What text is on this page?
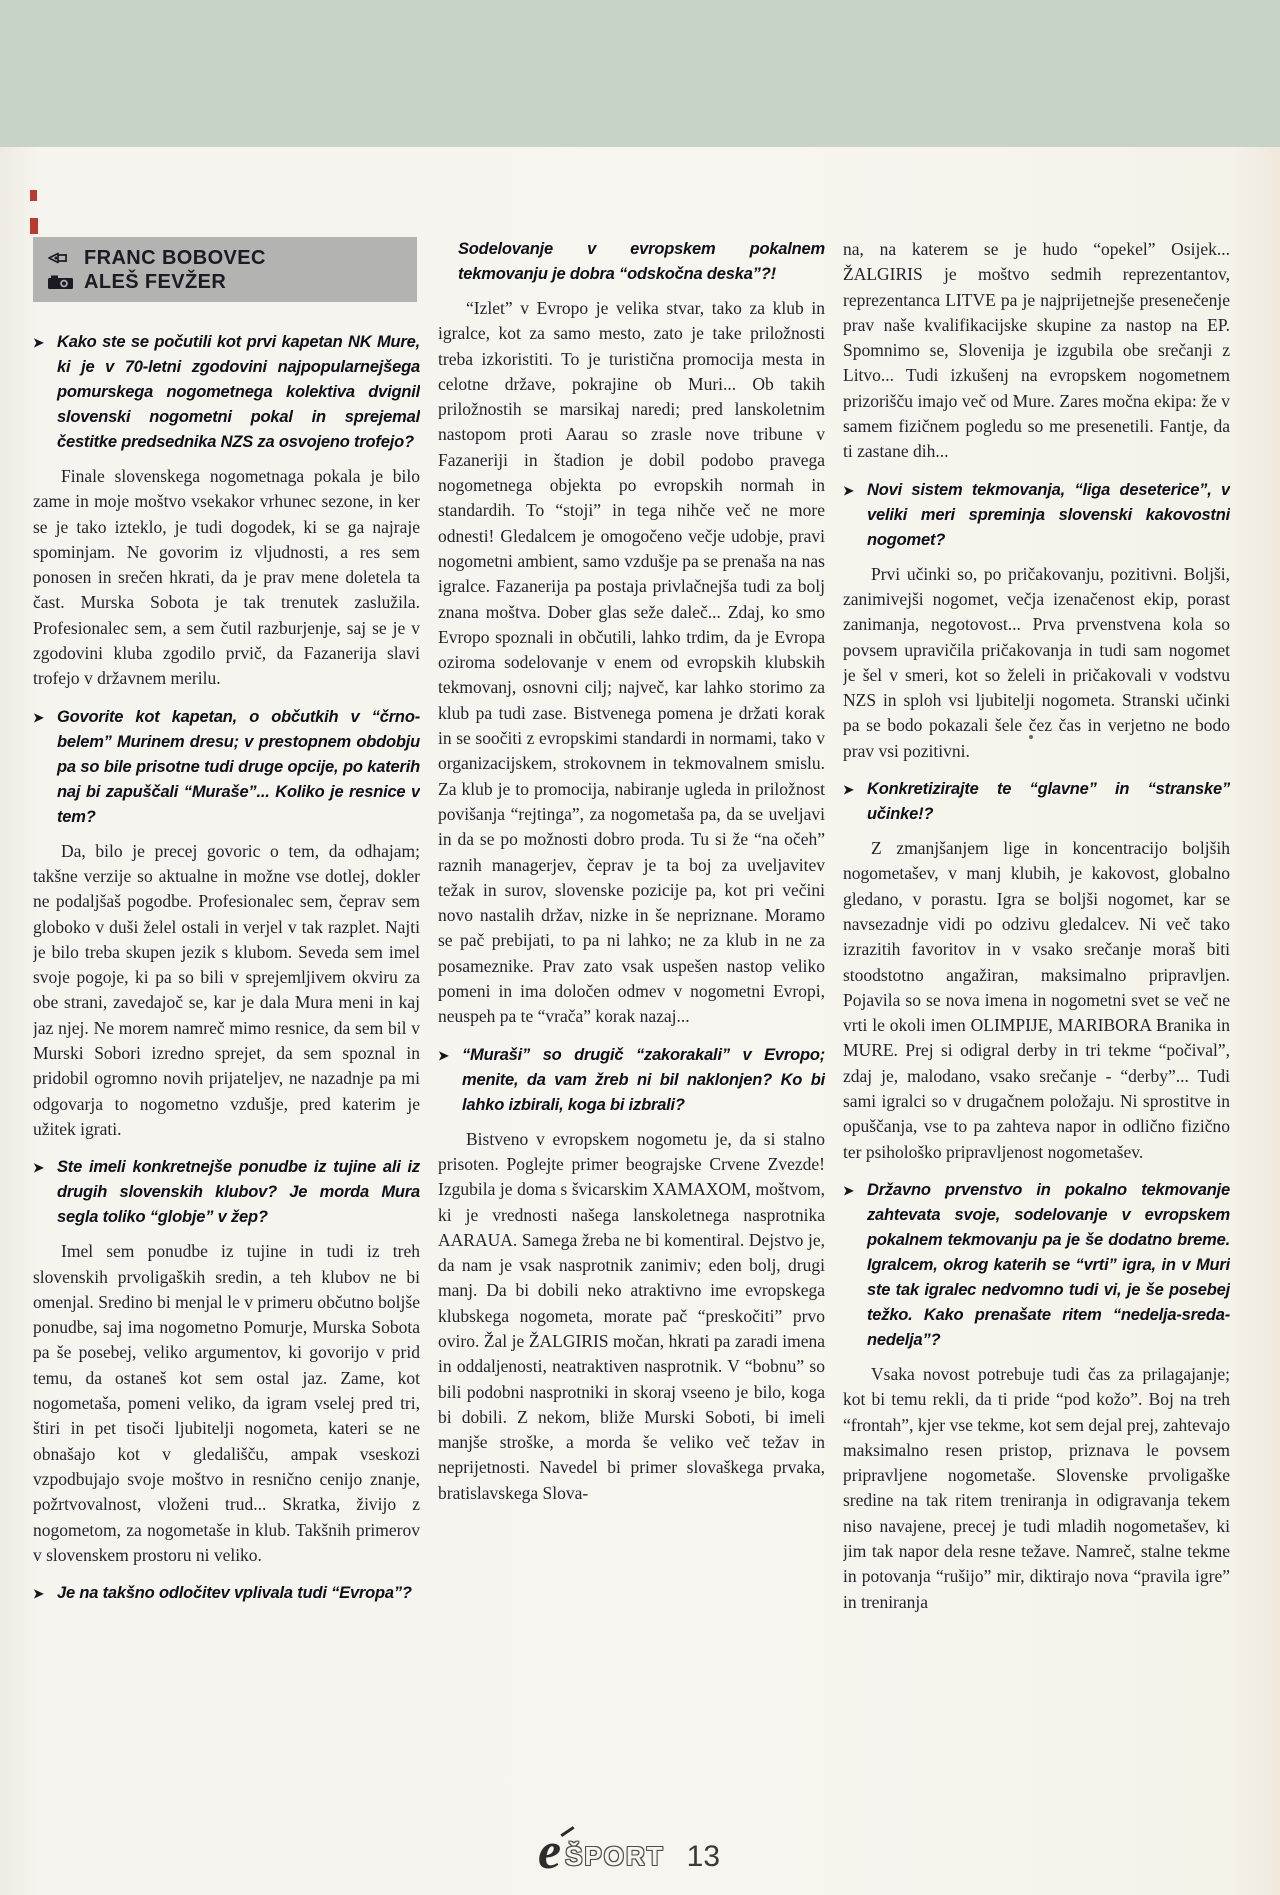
FRANC BOBOVEC
ALEŠ FEVŽER
➤ Kako ste se počutili kot prvi kapetan NK Mure, ki je v 70-letni zgodovini najpopularnejšega pomurskega nogometnega kolektiva dvignil slovenski nogometni pokal in sprejemal čestitke predsednika NZS za osvojeno trofejo?
Finale slovenskega nogometnaga pokala je bilo zame in moje moštvo vsekakor vrhunec sezone, in ker se je tako izteklo, je tudi dogodek, ki se ga najraje spominjam. Ne govorim iz vljudnosti, a res sem ponosen in srečen hkrati, da je prav mene doletela ta čast. Murska Sobota je tak trenutek zaslužila. Profesionalec sem, a sem čutil razburjenje, saj se je v zgodovini kluba zgodilo prvič, da Fazanerija slavi trofejo v državnem merilu.
➤ Govorite kot kapetan, o občutkih v “črno-belem” Murinem dresu; v prestopnem obdobju pa so bile prisotne tudi druge opcije, po katerih naj bi zapuščali “Muraše”... Koliko je resnice v tem?
Da, bilo je precej govoric o tem, da odhajam; takšne verzije so aktualne in možne vse dotlej, dokler ne podaljšaš pogodbe. Profesionalec sem, čeprav sem globoko v duši želel ostali in verjel v tak razplet. Najti je bilo treba skupen jezik s klubom. Seveda sem imel svoje pogoje, ki pa so bili v sprejemljivem okviru za obe strani, zavedajoč se, kar je dala Mura meni in kaj jaz njej. Ne morem namreč mimo resnice, da sem bil v Murski Sobori izredno sprejet, da sem spoznal in pridobil ogromno novih prijateljev, ne nazadnje pa mi odgovarja to nogometno vzdušje, pred katerim je užitek igrati.
➤ Ste imeli konkretnejše ponudbe iz tujine ali iz drugih slovenskih klubov? Je morda Mura segla toliko “globje” v žep?
Imel sem ponudbe iz tujine in tudi iz treh slovenskih prvoligaških sredin, a teh klubov ne bi omenjal. Sredino bi menjal le v primeru občutno boljše ponudbe, saj ima nogometno Pomurje, Murska Sobota pa še posebej, veliko argumentov, ki govorijo v prid temu, da ostaneš kot sem ostal jaz. Zame, kot nogometaša, pomeni veliko, da igram vselej pred tri, štiri in pet tisoči ljubitelji nogometa, kateri se ne obnašajo kot v gledališču, ampak vseskozi vzpodbujajo svoje moštvo in resnično cenijo znanje, požrtvovalnost, vloženi trud... Skratka, živijo z nogometom, za nogometaše in klub. Takšnih primerov v slovenskem prostoru ni veliko.
➤ Je na takšno odločitev vplivala tudi “Evropa”?
Sodelovanje v evropskem pokalnem tekmovanju je dobra “odskočna deska”?!
“Izlet” v Evropo je velika stvar, tako za klub in igralce, kot za samo mesto, zato je take priložnosti treba izkoristiti. To je turistična promocija mesta in celotne države, pokrajine ob Muri... Ob takih priložnostih se marsikaj naredi; pred lanskoletnim nastopom proti Aarau so zrasle nove tribune v Fazaneriji in štadion je dobil podobo pravega nogometnega objekta po evropskih normah in standardih. To “stoji” in tega nihče več ne more odnesti! Gledalcem je omogočeno večje udobje, pravi nogometni ambient, samo vzdušje pa se prenaša na nas igralce. Fazanerija pa postaja privlačnejša tudi za bolj znana moštva. Dober glas seže daleč... Zdaj, ko smo Evropo spoznali in občutili, lahko trdim, da je Evropa oziroma sodelovanje v enem od evropskih klubskih tekmovanj, osnovni cilj; največ, kar lahko storimo za klub pa tudi zase. Bistvenega pomena je držati korak in se soočiti z evropskimi standardi in normami, tako v organizacijskem, strokovnem in tekmovalnem smislu. Za klub je to promocija, nabiranje ugleda in priložnost povišanja “rejtinga”, za nogometaša pa, da se uveljavi in da se po možnosti dobro proda. Tu si že “na očeh” raznih managerjev, čeprav je ta boj za uveljavitev težak in surov, slovenske pozicije pa, kot pri večini novo nastalih držav, nizke in še nepriznane. Moramo se pač prebijati, to pa ni lahko; ne za klub in ne za posameznike. Prav zato vsak uspešen nastop veliko pomeni in ima določen odmev v nogometni Evropi, neuspeh pa te “vrača” korak nazaj...
➤ “Muraši” so drugič “zakorakali” v Evropo; menite, da vam žreb ni bil naklonjen? Ko bi lahko izbirali, koga bi izbrali?
Bistveno v evropskem nogometu je, da si stalno prisoten. Poglejte primer beograjske Crvene Zvezde! Izgubila je doma s švicarskim XAMAXOM, moštvom, ki je vrednosti našega lanskoletnega nasprotnika AARAUA. Samega žreba ne bi komentiral. Dejstvo je, da nam je vsak nasprotnik zanimiv; eden bolj, drugi manj. Da bi dobili neko atraktivno ime evropskega klubskega nogometa, morate pač “preskočiti” prvo oviro. Žal je ŽALGIRIS močan, hkrati pa zaradi imena in oddaljenosti, neatraktiven nasprotnik. V “bobnu” so bili podobni nasprotniki in skoraj vseeno je bilo, koga bi dobili. Z nekom, bliže Murski Soboti, bi imeli manjše stroške, a morda še veliko več težav in neprijetnosti. Navedel bi primer slovaškega prvaka, bratislavskega Slova-
na, na katerem se je hudo “opekel” Osijek... ŽALGIRIS je moštvo sedmih reprezentantov, reprezentanca LITVE pa je najprijetnejše presenečenje prav naše kvalifikacijske skupine za nastop na EP. Spomnimo se, Slovenija je izgubila obe srečanji z Litvo... Tudi izkušenj na evropskem nogometnem prizorišču imajo več od Mure. Zares močna ekipa: že v samem fizičnem pogledu so me presenetili. Fantje, da ti zastane dih...
➤ Novi sistem tekmovanja, “liga deseterice”, v veliki meri spreminja slovenski kakovostni nogomet?
Prvi učinki so, po pričakovanju, pozitivni. Boljši, zanimivejši nogomet, večja izenačenost ekip, porast zanimanja, negotovost... Prva prvenstvena kola so povsem upravičila pričakovanja in tudi sam nogomet je šel v smeri, kot so želeli in pričakovali v vodstvu NZS in sploh vsi ljubitelji nogometa. Stranski učinki pa se bodo pokazali šele čez čas in verjetno ne bodo prav vsi pozitivni.
➤ Konkretizirajte te “glavne” in “stranske” učinke!?
Z zmanjšanjem lige in koncentracijo boljših nogometašev, v manj klubih, je kakovost, globalno gledano, v porastu. Igra se boljši nogomet, kar se navsezadnje vidi po odzivu gledalcev. Ni več tako izrazitih favoritov in v vsako srečanje moraš biti stoodstotno angažiran, maksimalno pripravljen. Pojavila so se nova imena in nogometni svet se več ne vrti le okoli imen OLIMPIJE, MARIBORA Branika in MURE. Prej si odigral derby in tri tekme “počival”, zdaj je, malodano, vsako srečanje - “derby”... Tudi sami igralci so v drugačnem položaju. Ni sprostitve in opuščanja, vse to pa zahteva napor in odlično fizično ter psihološko pripravljenost nogometašev.
➤ Državno prvenstvo in pokalno tekmovanje zahtevata svoje, sodelovanje v evropskem pokalnem tekmovanju pa je še dodatno breme. Igralcem, okrog katerih se “vrti” igra, in v Muri ste tak igralec nedvomno tudi vi, je še posebej težko. Kako prenašate ritem “nedelja-sreda-nedelja”?
Vsaka novost potrebuje tudi čas za prilagajanje; kot bi temu rekli, da ti pride “pod kožo”. Boj na treh “frontah”, kjer vse tekme, kot sem dejal prej, zahtevajo maksimalno resen pristop, priznava le povsem pripravljene nogometaše. Slovenske prvoligaške sredine na tak ritem treniranja in odigravanja tekem niso navajene, precej je tudi mladih nogometašev, ki jim tak napor dela resne težave. Namreč, stalne tekme in potovanja “rušijo” mir, diktirajo nova “pravila igre” in treniranja
e ŠPORT 13
